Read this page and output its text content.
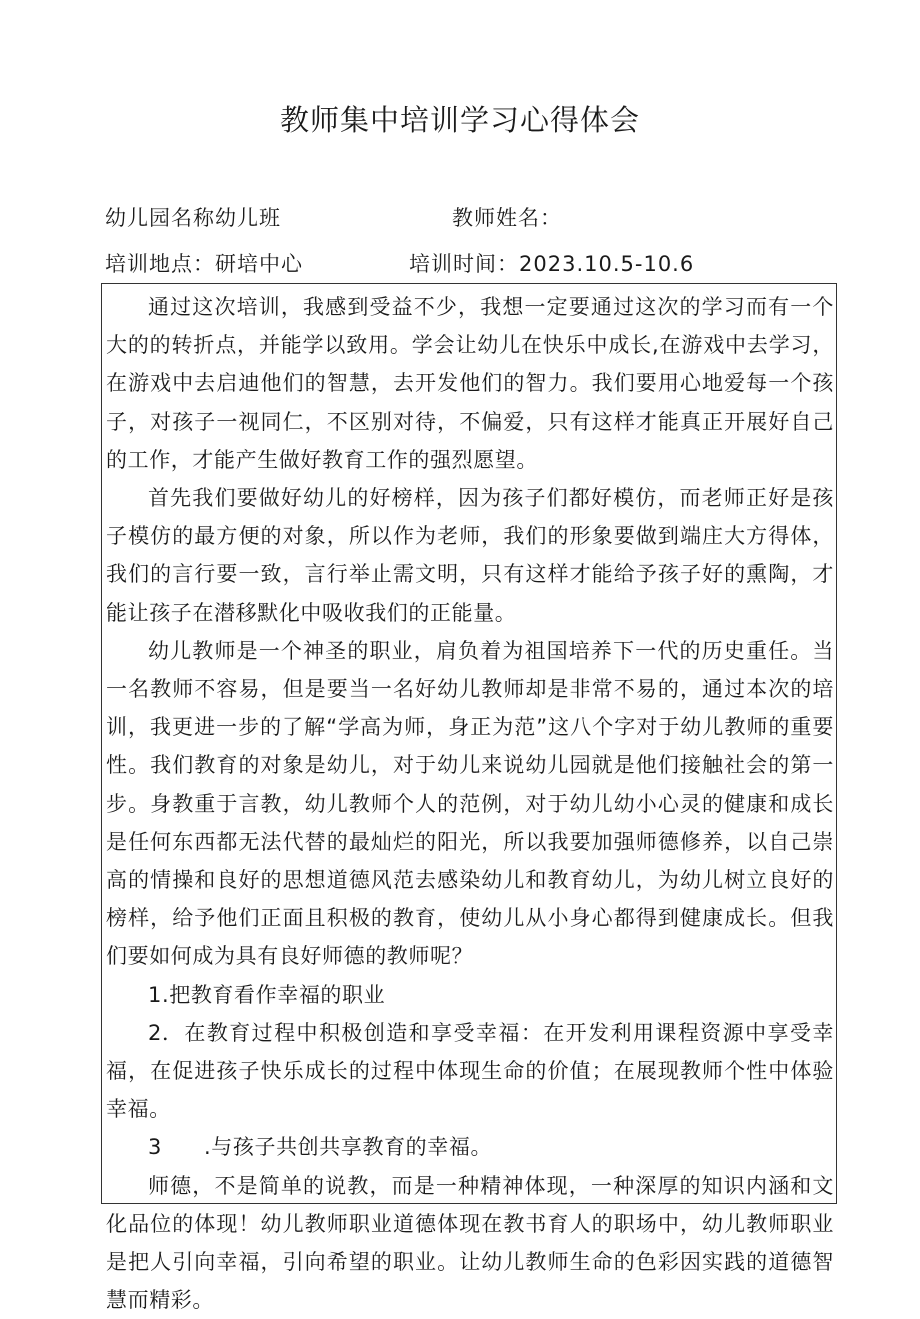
教师集中培训学习心得体会
幼儿园名称幼儿班	教师姓名：
培训地点：研培中心	培训时间：2023.10.5-10.6

通过这次培训，我感到受益不少，我想一定要通过这次的学习而有一个大的的转折点，并能学以致用。学会让幼儿在快乐中成长,在游戏中去学习，在游戏中去启迪他们的智慧，去开发他们的智力。我们要用心地爱每一个孩子，对孩子一视同仁，不区别对待，不偏爱，只有这样才能真正开展好自己的工作，才能产生做好教育工作的强烈愿望。

首先我们要做好幼儿的好榜样，因为孩子们都好模仿，而老师正好是孩子模仿的最方便的对象，所以作为老师，我们的形象要做到端庄大方得体，我们的言行要一致，言行举止需文明，只有这样才能给予孩子好的熏陶，才能让孩子在潜移默化中吸收我们的正能量。

幼儿教师是一个神圣的职业，肩负着为祖国培养下一代的历史重任。当一名教师不容易，但是要当一名好幼儿教师却是非常不易的，通过本次的培训，我更进一步的了解“学高为师，身正为范”这八个字对于幼儿教师的重要性。我们教育的对象是幼儿，对于幼儿来说幼儿园就是他们接触社会的第一步。身教重于言教，幼儿教师个人的范例，对于幼儿幼小心灵的健康和成长是任何东西都无法代替的最灿烂的阳光，所以我要加强师德修养，以自己崇高的情操和良好的思想道德风范去感染幼儿和教育幼儿，为幼儿树立良好的榜样，给予他们正面且积极的教育，使幼儿从小身心都得到健康成长。但我们要如何成为具有良好师德的教师呢？

1.把教育看作幸福的职业

2．在教育过程中积极创造和享受幸福：在开发利用课程资源中享受幸福，在促进孩子快乐成长的过程中体现生命的价值；在展现教师个性中体验幸福。

3 .与孩子共创共享教育的幸福。

师德，不是简单的说教，而是一种精神体现，一种深厚的知识内涵和文化品位的体现！幼儿教师职业道德体现在教书育人的职场中，幼儿教师职业是把人引向幸福，引向希望的职业。让幼儿教师生命的色彩因实践的道德智慧而精彩。
